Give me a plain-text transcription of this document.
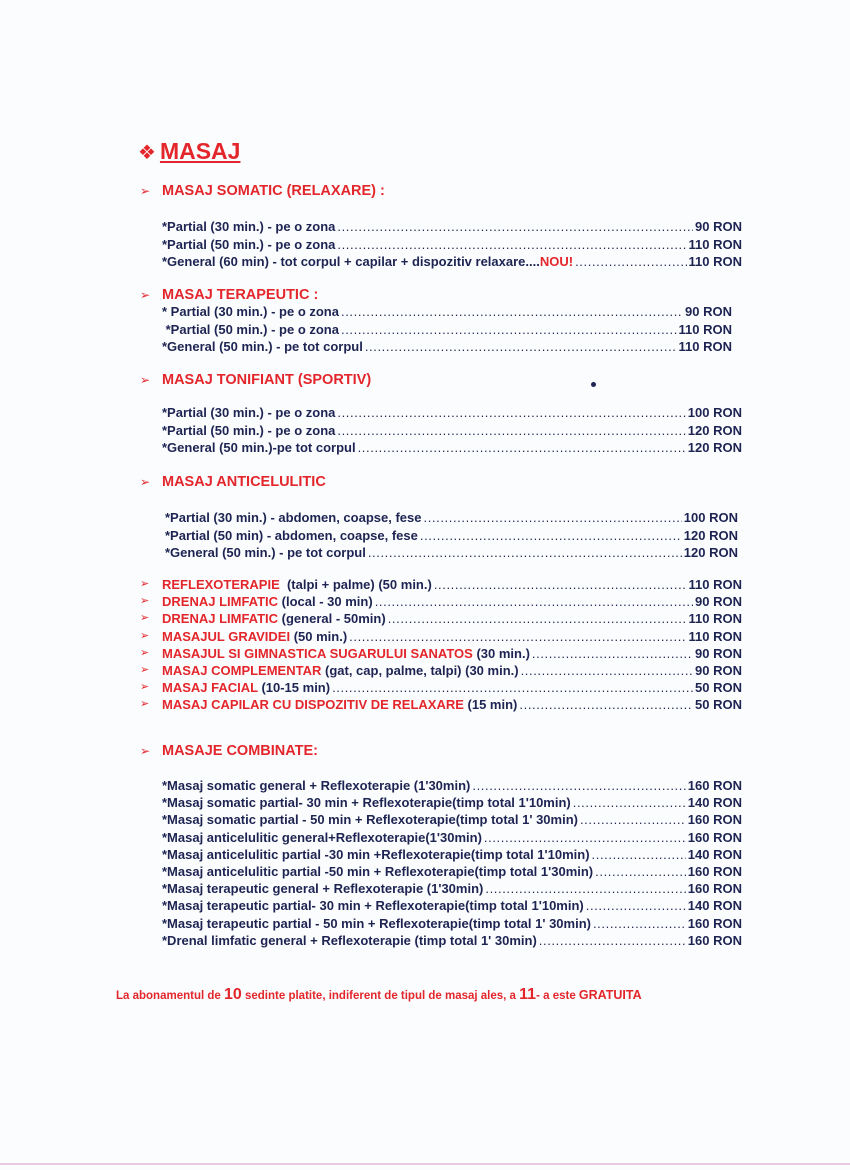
❖ MASAJ
➢ MASAJ SOMATIC (RELAXARE) :
*Partial (30 min.) - pe o zona .....	90 RON
*Partial (50 min.) - pe o zona .....	110 RON
*General (60 min) - tot corpul + capilar + dispozitiv relaxare....NOU! .....	110 RON
➢ MASAJ TERAPEUTIC :
* Partial (30 min.) - pe o zona .....	90 RON
*Partial (50 min.) - pe o zona .....	110 RON
*General (50 min.) - pe tot corpul .....	110 RON
➢ MASAJ TONIFIANT (SPORTIV)
*Partial (30 min.) - pe o zona .....	100 RON
*Partial (50 min.) - pe o zona .....	120 RON
*General (50 min.)-pe tot corpul .....	120 RON
➢ MASAJ ANTICELULITIC
*Partial (30 min.) - abdomen, coapse, fese .....	100 RON
*Partial (50 min) - abdomen, coapse, fese .....	120 RON
*General (50 min.) - pe tot corpul .....	120 RON
➢ REFLEXOTERAPIE  (talpi + palme) (50 min.) .....	110 RON
➢ DRENAJ LIMFATIC (local - 30 min) .....	90 RON
➢ DRENAJ LIMFATIC (general - 50min) .....	110 RON
➢ MASAJUL GRAVIDEI (50 min.) .....	110 RON
➢ MASAJUL SI GIMNASTICA SUGARULUI SANATOS (30 min.) .....	90 RON
➢ MASAJ COMPLEMENTAR (gat, cap, palme, talpi) (30 min.) .....	90 RON
➢ MASAJ FACIAL (10-15 min) .....	50 RON
➢ MASAJ CAPILAR CU DISPOZITIV DE RELAXARE (15 min) .....	50 RON
➢ MASAJE COMBINATE:
*Masaj somatic general + Reflexoterapie (1'30min) .....	160 RON
*Masaj somatic partial- 30 min + Reflexoterapie(timp total 1'10min) .....	140 RON
*Masaj somatic partial - 50 min + Reflexoterapie(timp total 1' 30min) .....	160 RON
*Masaj anticelulitic general+Reflexoterapie(1'30min) .....	160 RON
*Masaj anticelulitic partial -30 min +Reflexoterapie(timp total 1'10min) .....	140 RON
*Masaj anticelulitic partial -50 min + Reflexoterapie(timp total 1'30min) .....	160 RON
*Masaj terapeutic general + Reflexoterapie (1'30min) .....	160 RON
*Masaj terapeutic partial- 30 min + Reflexoterapie(timp total 1'10min) .....	140 RON
*Masaj terapeutic partial - 50 min + Reflexoterapie(timp total 1' 30min) .....	160 RON
*Drenal limfatic general + Reflexoterapie (timp total 1' 30min) .....	160 RON
La abonamentul de 10 sedinte platite, indiferent de tipul de masaj ales, a 11- a este GRATUITA
